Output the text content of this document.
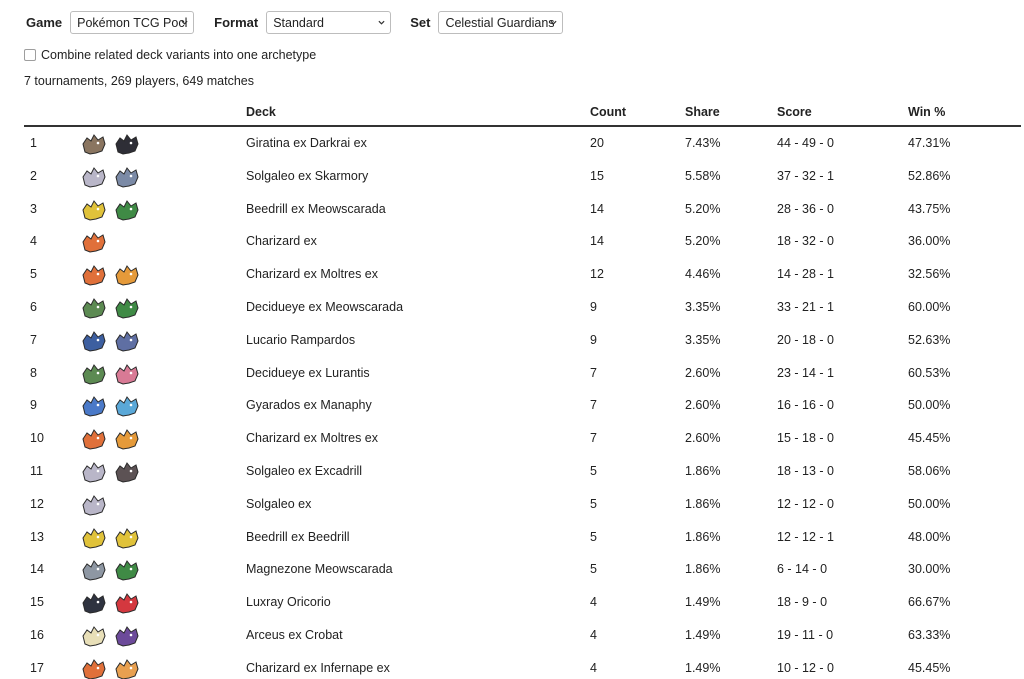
Game Pokémon TCG Pocl Format Standard	Set Celestial Guardians
Combine related deck variants into one archetype
7 tournaments, 269 players, 649 matches
Deck	Count	Share	Score	Win %
1	Giratina ex Darkrai ex	20	7.43%	44 - 49 - 0	47.31%
2	Solgaleo ex Skarmory	15	5.58%	37 - 32 - 1	52.86%
3	Beedrill ex Meowscarada	14	5.20%	28 - 36 - 0	43.75%
4	Charizard ex	14	5.20%	18 - 32 - 0	36.00%
5	Charizard ex Moltres ex	12	4.46%	14 - 28 - 1	32.56%
6	Decidueye ex Meowscarada	9	3.35%	33 - 21 - 1	60.00%
7	Lucario Rampardos	9	3.35%	20 - 18 - 0	52.63%
8	Decidueye ex Lurantis	7	2.60%	23 - 14 - 1	60.53%
9	Gyarados ex Manaphy	7	2.60%	16 - 16 - 0	50.00%
10	Charizard ex Moltres ex	7	2.60%	15 - 18 - 0	45.45%
11	Solgaleo ex Excadrill	5	1.86%	18 - 13 - 0	58.06%
12	Solgaleo ex	5	1.86%	12 - 12 - 0	50.00%
13	Beedrill ex Beedrill	5	1.86%	12 - 12 - 1	48.00%
14	Magnezone Meowscarada	5	1.86%	6 - 14 - 0	30.00%
15	Luxray Oricorio	4	1.49%	18 - 9 - 0	66.67%
16	Arceus ex Crobat	4	1.49%	19 - 11 - 0	63.33%
17	Charizard ex Infernape ex	4	1.49%	10 - 12 - 0	45.45%
